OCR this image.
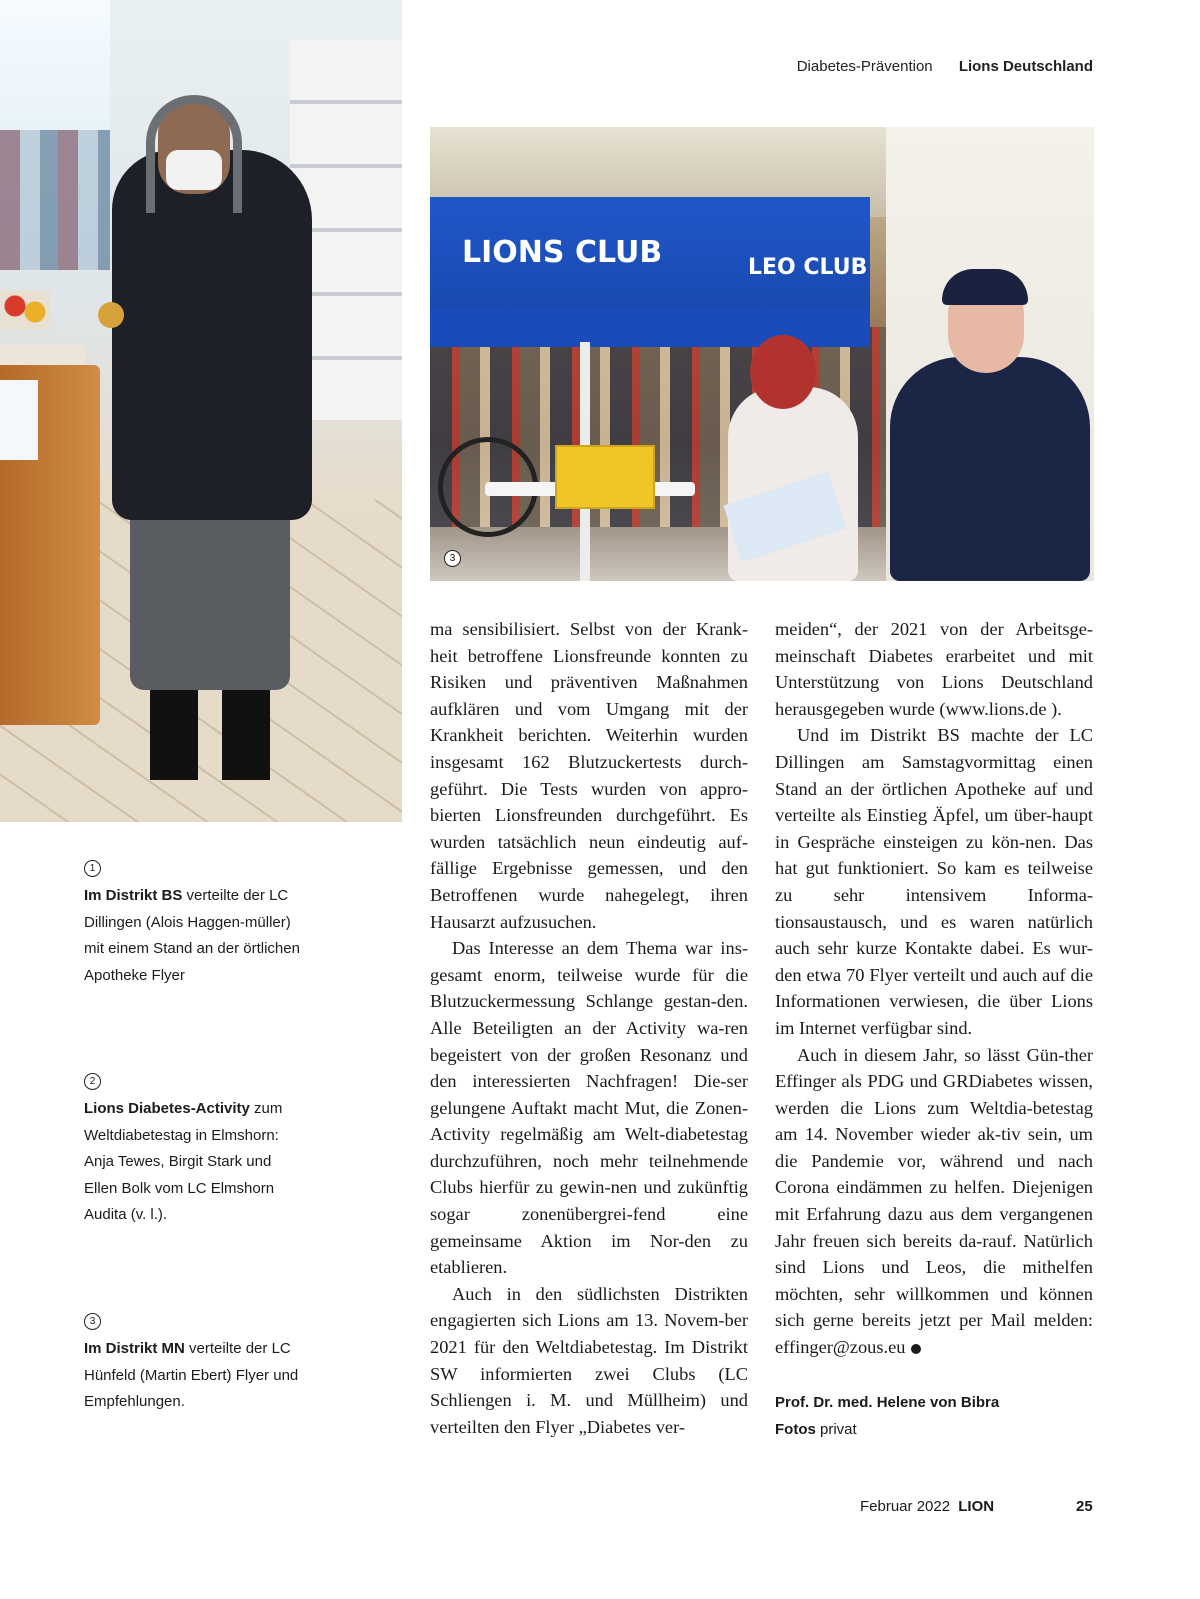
Diabetes-Prävention Lions Deutschland
LIONS CLUB	LEO CLUB
3
1
Im Distrikt BS verteilte der LC Dillingen (Alois Haggen-müller) mit einem Stand an der örtlichen Apotheke Flyer
2
Lions Diabetes-Activity zum Weltdiabetestag in Elmshorn: Anja Tewes, Birgit Stark und Ellen Bolk vom LC Elmshorn Audita (v. l.).
3
Im Distrikt MN verteilte der LC Hünfeld (Martin Ebert) Flyer und Empfehlungen.

ma sensibilisiert. Selbst von der Krank-heit betroffene Lionsfreunde konnten zu Risiken und präventiven Maßnahmen aufklären und vom Umgang mit der Krankheit berichten. Weiterhin wurden insgesamt 162 Blutzuckertests durch-geführt. Die Tests wurden von appro-bierten Lionsfreunden durchgeführt. Es wurden tatsächlich neun eindeutig auf-fällige Ergebnisse gemessen, und den Betroffenen wurde nahegelegt, ihren Hausarzt aufzusuchen.

Das Interesse an dem Thema war ins-gesamt enorm, teilweise wurde für die Blutzuckermessung Schlange gestan-den. Alle Beteiligten an der Activity wa-ren begeistert von der großen Resonanz und den interessierten Nachfragen! Die-ser gelungene Auftakt macht Mut, die Zonen-Activity regelmäßig am Welt-diabetestag durchzuführen, noch mehr teilnehmende Clubs hierfür zu gewin-nen und zukünftig sogar zonenübergrei-fend eine gemeinsame Aktion im Nor-den zu etablieren.

Auch in den südlichsten Distrikten engagierten sich Lions am 13. Novem-ber 2021 für den Weltdiabetestag. Im Distrikt SW informierten zwei Clubs (LC Schliengen i. M. und Müllheim) und verteilten den Flyer „Diabetes ver-

meiden“, der 2021 von der Arbeitsge-meinschaft Diabetes erarbeitet und mit Unterstützung von Lions Deutschland herausgegeben wurde (www.lions.de ).

Und im Distrikt BS machte der LC Dillingen am Samstagvormittag einen Stand an der örtlichen Apotheke auf und verteilte als Einstieg Äpfel, um über-haupt in Gespräche einsteigen zu kön-nen. Das hat gut funktioniert. So kam es teilweise zu sehr intensivem Informa-tionsaustausch, und es waren natürlich auch sehr kurze Kontakte dabei. Es wur-den etwa 70 Flyer verteilt und auch auf die Informationen verwiesen, die über Lions im Internet verfügbar sind.

Auch in diesem Jahr, so lässt Gün-ther Effinger als PDG und GRDiabetes wissen, werden die Lions zum Weltdia-betestag am 14. November wieder ak-tiv sein, um die Pandemie vor, während und nach Corona eindämmen zu helfen. Diejenigen mit Erfahrung dazu aus dem vergangenen Jahr freuen sich bereits da-rauf. Natürlich sind Lions und Leos, die mithelfen möchten, sehr willkommen und können sich gerne bereits jetzt per Mail melden: effinger@zous.eu

Prof. Dr. med. Helene von Bibra
Fotos privat
Februar 2022 LION	25
